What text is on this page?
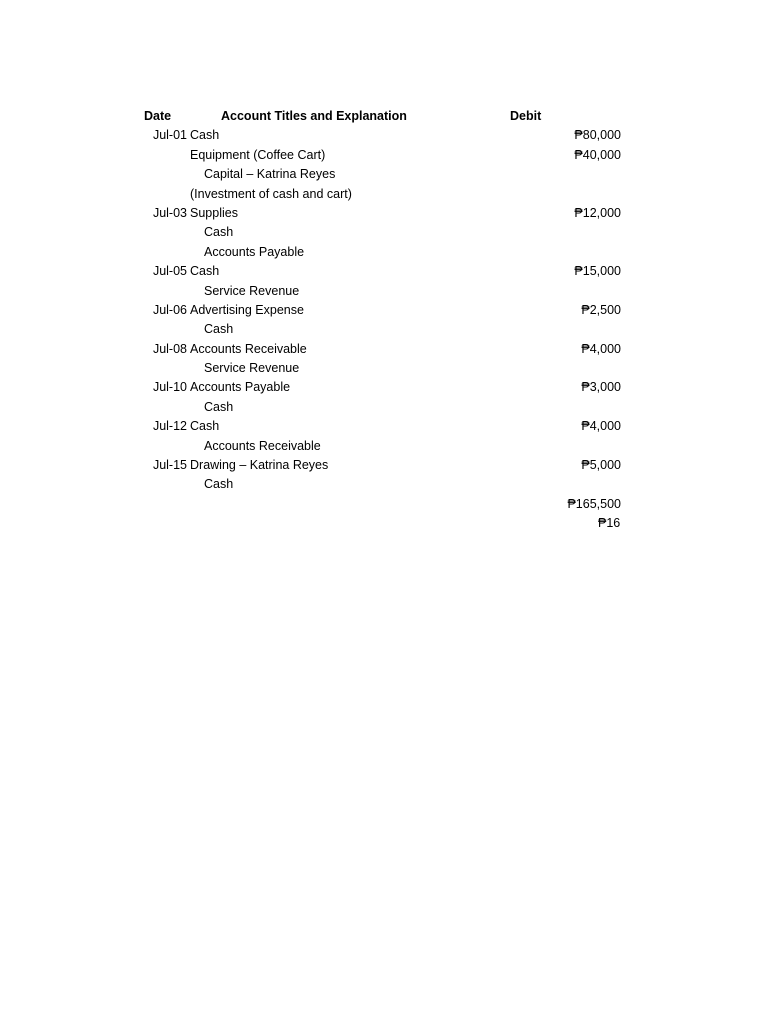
Date	Account Titles and Explanation	Debit
Jul-01 Cash	₱80,000
Equipment (Coffee Cart)	₱40,000
Capital – Katrina Reyes
(Investment of cash and cart)
Jul-03 Supplies	₱12,000
Cash
Accounts Payable
Jul-05 Cash	₱15,000
Service Revenue
Jul-06 Advertising Expense	₱2,500
Cash
Jul-08 Accounts Receivable	₱4,000
Service Revenue
Jul-10 Accounts Payable	₱3,000
Cash
Jul-12 Cash	₱4,000
Accounts Receivable
Jul-15 Drawing – Katrina Reyes	₱5,000
Cash
₱165,500
₱16
